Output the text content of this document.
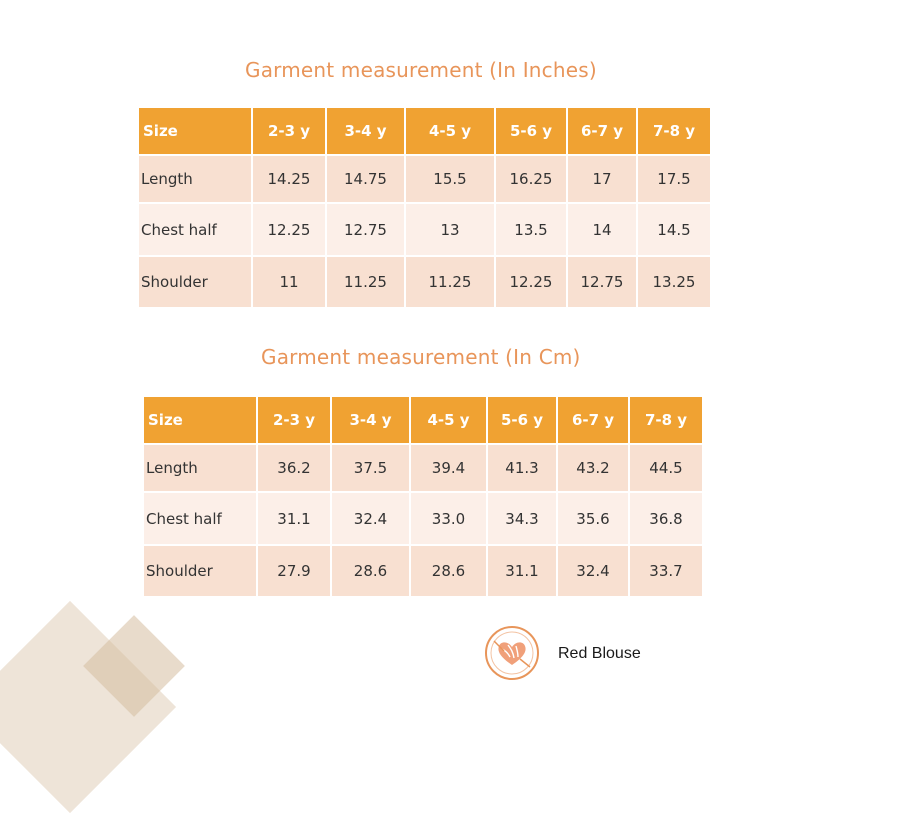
Garment measurement (In Inches)
Size	2-3 y	3-4 y	4-5 y	5-6 y	6-7 y	7-8 y
Length	14.25	14.75	15.5	16.25	17	17.5
Chest half	12.25	12.75	13	13.5	14	14.5
Shoulder	11	11.25	11.25	12.25	12.75	13.25
Garment measurement (In Cm)
Size	2-3 y	3-4 y	4-5 y	5-6 y	6-7 y	7-8 y
Length	36.2	37.5	39.4	41.3	43.2	44.5
Chest half	31.1	32.4	33.0	34.3	35.6	36.8
Shoulder	27.9	28.6	28.6	31.1	32.4	33.7
Red Blouse
